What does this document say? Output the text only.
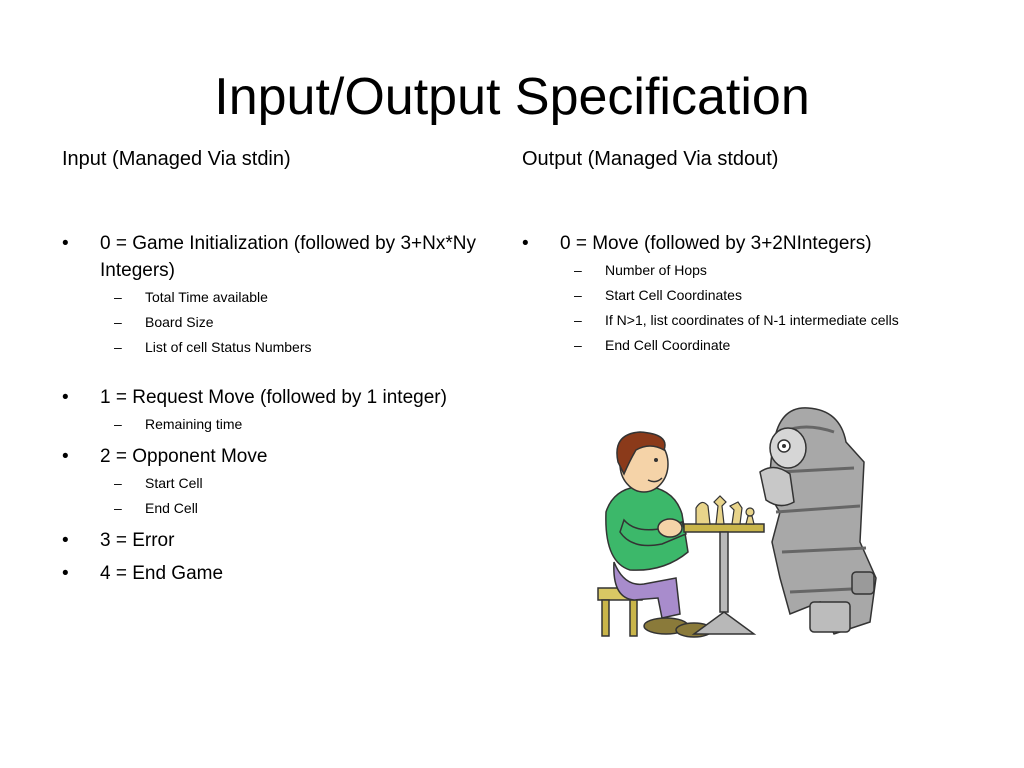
Input/Output Specification

Input (Managed Via stdin)

• 0 = Game Initialization (followed by 3+Nx*Ny Integers)
– Total Time available
– Board Size
– List of cell Status Numbers
• 1 = Request Move (followed by 1 integer)
– Remaining time
• 2 = Opponent Move
– Start Cell
– End Cell
• 3 = Error
• 4 = End Game

Output (Managed Via stdout)

• 0 = Move (followed by 3+2NIntegers)
– Number of Hops
– Start Cell Coordinates
– If N>1, list coordinates of N-1 intermediate cells
– End Cell Coordinate
